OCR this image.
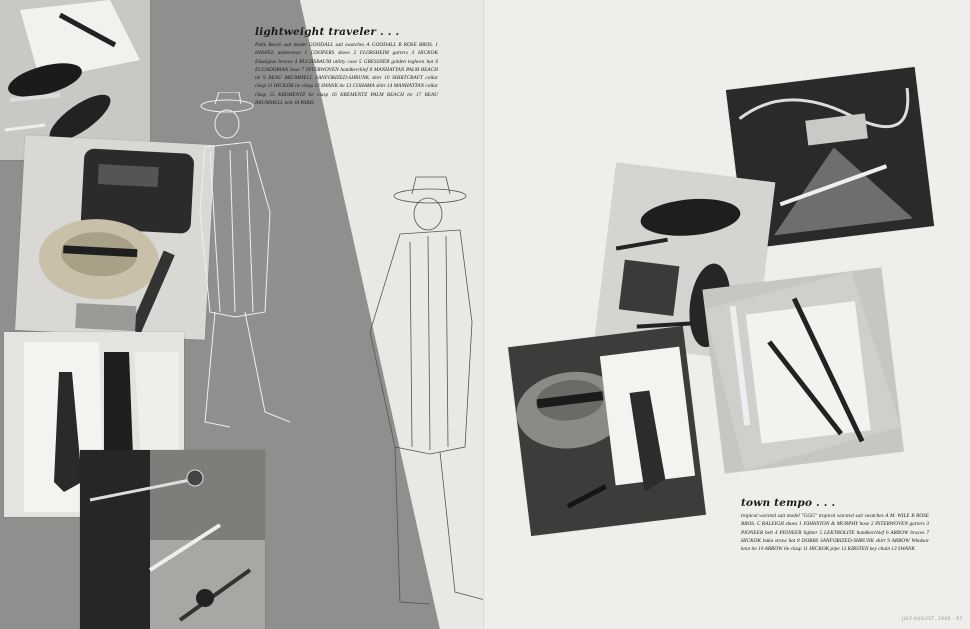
lightweight traveler . . .

Palm Beach suit model GOODALL suit swatches A GOODALL B ROSE BROS. 1 HASPEL underwear 1 COOPERS shoes 2 FLORSHEIM garters 3 HICKOK Elastiglas braces 4 BUCHSBAUM utility case 5 GRESSNER golden leghorn hat 6 ECUADORIAN hose 7 INTERWOVEN handkerchief 8 MANHATTAN PALM BEACH tie 9 BEAU BRUMMELL SANFORIZED-SHRUNK shirt 10 SHIRTCRAFT collar clasp 11 HICKOK tie clasp 12 SWANK tie 13 COHAMA shirt 14 MANHATTAN collar clasp 15 KREMENTZ tie clasp 16 KREMENTZ PALM BEACH tie 17 BEAU BRUMMELL belt 18 PARIS

town tempo . . .

tropical worsted suit model "GGG" tropical worsted suit swatches A M. WILE B ROSE BROS. C RALEIGH shoes 1 JOHNSTON & MURPHY hose 2 INTERWOVEN garters 3 PIONEER belt 4 PIONEER lighter 5 LEKTROLITE handkerchief 6 ARROW braces 7 HICKOK baku straw hat 8 DOBBS SANFORIZED-SHRUNK shirt 9 ARROW Windsor knot tie 10 ARROW tie clasp 11 HICKOK pipe 12 KIRSTEN key chain 13 SWANK

JULY-AUGUST, 1940 · 67
